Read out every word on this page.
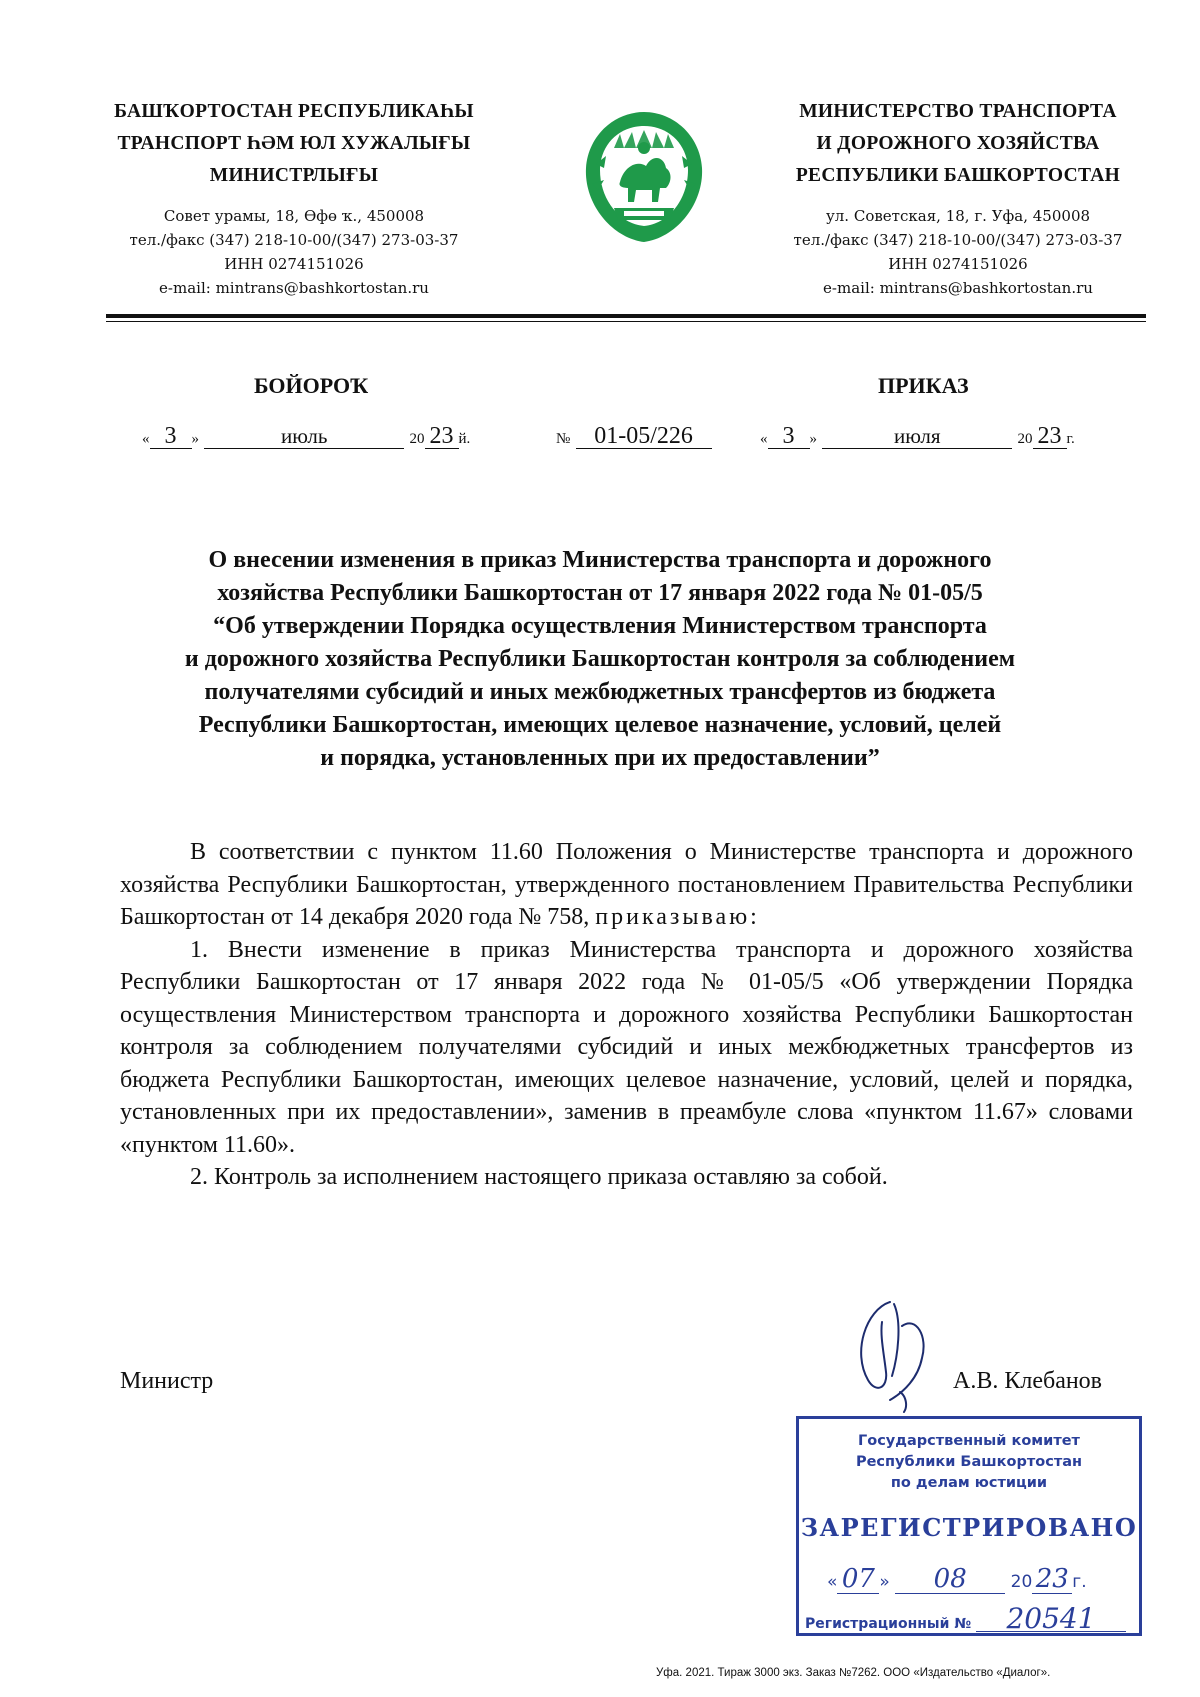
БАШҠОРТОСТАН РЕСПУБЛИКАҺЫ
ТРАНСПОРТ ҺӘМ ЮЛ ХУЖАЛЫҒЫ
МИНИСТРЛЫҒЫ
Совет урамы, 18, Өфө ҡ., 450008
тел./факс (347) 218-10-00/(347) 273-03-37
ИНН 0274151026
e-mail: mintrans@bashkortostan.ru
МИНИСТЕРСТВО ТРАНСПОРТА
И ДОРОЖНОГО ХОЗЯЙСТВА
РЕСПУБЛИКИ БАШКОРТОСТАН
ул. Советская, 18, г. Уфа, 450008
тел./факс (347) 218-10-00/(347) 273-03-37
ИНН 0274151026
e-mail: mintrans@bashkortostan.ru
БОЙОРОҠ	ПРИКАЗ
« 3 »	июль	20 23 й.	№ 01-05/226	« 3 »	июля	20 23 г.
О внесении изменения в приказ Министерства транспорта и дорожного
хозяйства Республики Башкортостан от 17 января 2022 года № 01-05/5
“Об утверждении Порядка осуществления Министерством транспорта
и дорожного хозяйства Республики Башкортостан контроля за соблюдением
получателями субсидий и иных межбюджетных трансфертов из бюджета
Республики Башкортостан, имеющих целевое назначение, условий, целей
и порядка, установленных при их предоставлении”

В соответствии с пунктом 11.60 Положения о Министерстве транспорта и дорожного хозяйства Республики Башкортостан, утвержденного постановлением Правительства Республики Башкортостан от 14 декабря 2020 года № 758, приказываю:

1. Внести изменение в приказ Министерства транспорта и дорожного хозяйства Республики Башкортостан от 17 января 2022 года № 01-05/5 «Об утверждении Порядка осуществления Министерством транспорта и дорожного хозяйства Республики Башкортостан контроля за соблюдением получателями субсидий и иных межбюджетных трансфертов из бюджета Республики Башкортостан, имеющих целевое назначение, условий, целей и порядка, установленных при их предоставлении», заменив в преамбуле слова «пунктом 11.67» словами «пунктом 11.60».

2. Контроль за исполнением настоящего приказа оставляю за собой.

Министр	А.В. Клебанов
Государственный комитет
Республики Башкортостан
по делам юстиции
ЗАРЕГИСТРИРОВАНО
« 07 » 08	20 23 г.
Регистрационный № 20541
Уфа. 2021. Тираж 3000 экз. Заказ №7262. ООО «Издательство «Диалог».
